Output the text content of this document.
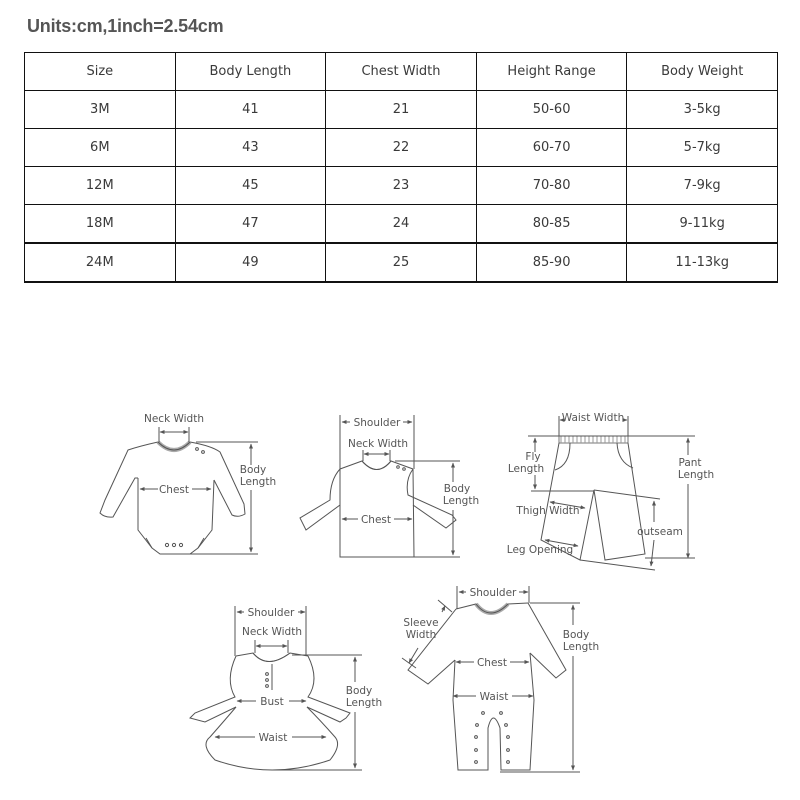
Units:cm,1inch=2.54cm
Size	Body Length	Chest Width	Height Range	Body Weight
3M	41	21	50-60	3-5kg
6M	43	22	60-70	5-7kg
12M	45	23	70-80	7-9kg
18M	47	24	80-85	9-11kg
24M	49	25	85-90	11-13kg
Neck Width
Chest
Body
Length
Shoulder
Neck Width
Chest
Body
Length
Waist Width
Fly
Length	Pant
Length
Thigh Width
outseam
Leg Opening
Shoulder
Neck Width
Bust
Waist
Body
Length
Shoulder
Sleeve
Width
Chest
Waist
Body
Length
